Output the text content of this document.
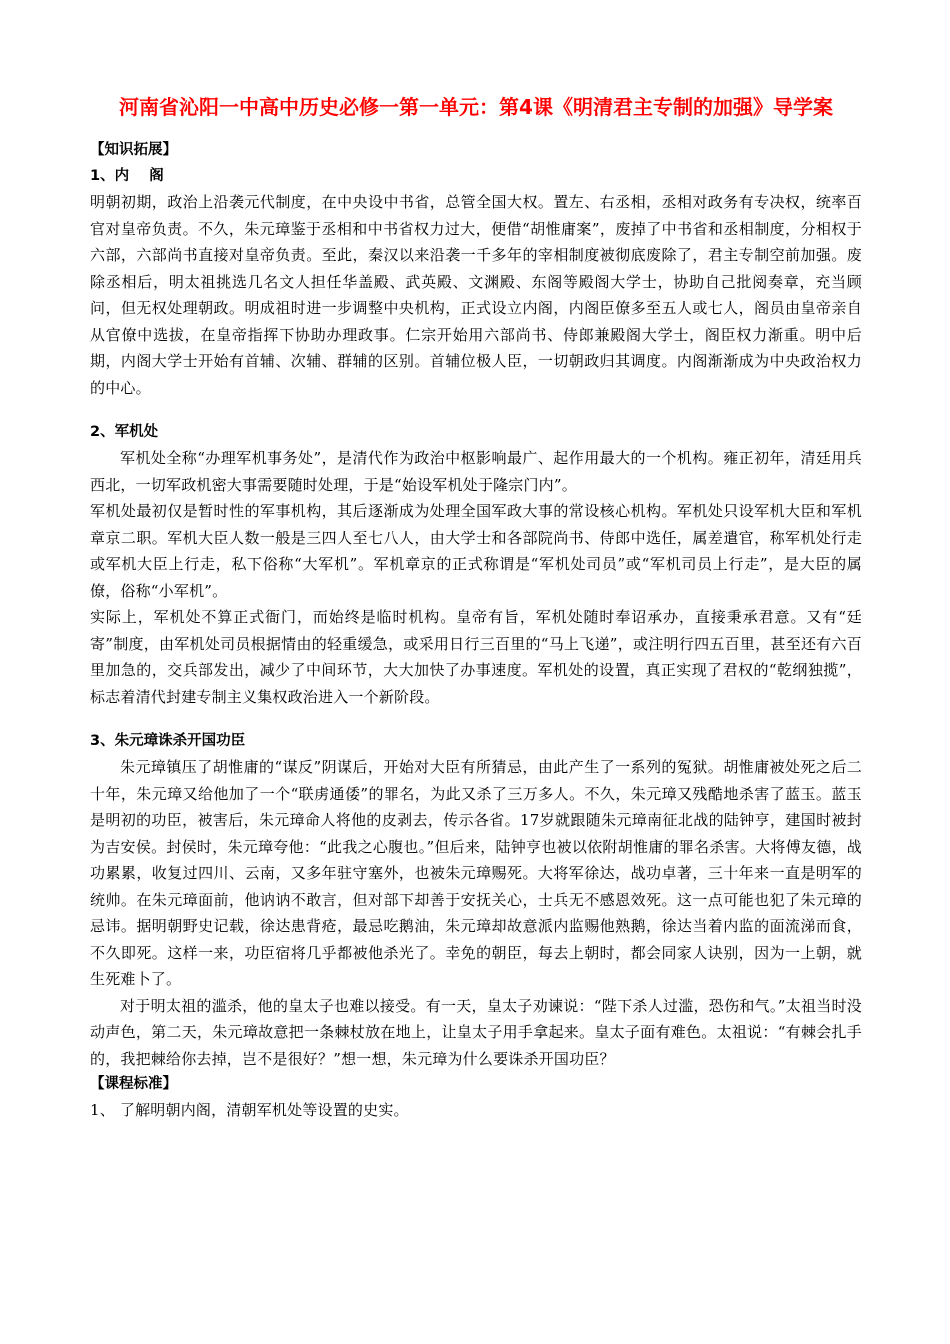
河南省沁阳一中高中历史必修一第一单元：第4课《明清君主专制的加强》导学案

【知识拓展】

1、内    阁

明朝初期，政治上沿袭元代制度，在中央设中书省，总管全国大权。置左、右丞相，丞相对政务有专决权，统率百官对皇帝负责。不久，朱元璋鉴于丞相和中书省权力过大，便借“胡惟庸案”，废掉了中书省和丞相制度，分相权于六部，六部尚书直接对皇帝负责。至此，秦汉以来沿袭一千多年的宰相制度被彻底废除了，君主专制空前加强。废除丞相后，明太祖挑选几名文人担任华盖殿、武英殿、文渊殿、东阁等殿阁大学士，协助自己批阅奏章，充当顾问，但无权处理朝政。明成祖时进一步调整中央机构，正式设立内阁，内阁臣僚多至五人或七人，阁员由皇帝亲自从官僚中选拔，在皇帝指挥下协助办理政事。仁宗开始用六部尚书、侍郎兼殿阁大学士，阁臣权力渐重。明中后期，内阁大学士开始有首辅、次辅、群辅的区别。首辅位极人臣，一切朝政归其调度。内阁渐渐成为中央政治权力的中心。

2、军机处

军机处全称“办理军机事务处”，是清代作为政治中枢影响最广、起作用最大的一个机构。雍正初年，清廷用兵西北，一切军政机密大事需要随时处理，于是“始设军机处于隆宗门内”。

军机处最初仅是暂时性的军事机构，其后逐渐成为处理全国军政大事的常设核心机构。军机处只设军机大臣和军机章京二职。军机大臣人数一般是三四人至七八人，由大学士和各部院尚书、侍郎中选任，属差遣官，称军机处行走或军机大臣上行走，私下俗称“大军机”。军机章京的正式称谓是“军机处司员”或“军机司员上行走”，是大臣的属僚，俗称“小军机”。

实际上，军机处不算正式衙门，而始终是临时机构。皇帝有旨，军机处随时奉诏承办，直接秉承君意。又有“廷寄”制度，由军机处司员根据情由的轻重缓急，或采用日行三百里的“马上飞递”，或注明行四五百里，甚至还有六百里加急的，交兵部发出，减少了中间环节，大大加快了办事速度。军机处的设置，真正实现了君权的“乾纲独揽”，标志着清代封建专制主义集权政治进入一个新阶段。

3、朱元璋诛杀开国功臣

朱元璋镇压了胡惟庸的“谋反”阴谋后，开始对大臣有所猜忌，由此产生了一系列的冤狱。胡惟庸被处死之后二十年，朱元璋又给他加了一个“联虏通倭”的罪名，为此又杀了三万多人。不久，朱元璋又残酷地杀害了蓝玉。蓝玉是明初的功臣，被害后，朱元璋命人将他的皮剥去，传示各省。17岁就跟随朱元璋南征北战的陆钟亨，建国时被封为吉安侯。封侯时，朱元璋夸他：“此我之心腹也。”但后来，陆钟亨也被以依附胡惟庸的罪名杀害。大将傅友德，战功累累，收复过四川、云南，又多年驻守塞外，也被朱元璋赐死。大将军徐达，战功卓著，三十年来一直是明军的统帅。在朱元璋面前，他讷讷不敢言，但对部下却善于安抚关心，士兵无不感恩效死。这一点可能也犯了朱元璋的忌讳。据明朝野史记载，徐达患背疮，最忌吃鹅油，朱元璋却故意派内监赐他熟鹅，徐达当着内监的面流涕而食，不久即死。这样一来，功臣宿将几乎都被他杀光了。幸免的朝臣，每去上朝时，都会同家人诀别，因为一上朝，就生死难卜了。

对于明太祖的滥杀，他的皇太子也难以接受。有一天，皇太子劝谏说：“陛下杀人过滥，恐伤和气。”太祖当时没动声色，第二天，朱元璋故意把一条棘杖放在地上，让皇太子用手拿起来。皇太子面有难色。太祖说：“有棘会扎手的，我把棘给你去掉，岂不是很好？”想一想，朱元璋为什么要诛杀开国功臣？

【课程标准】

1、 了解明朝内阁，清朝军机处等设置的史实。
